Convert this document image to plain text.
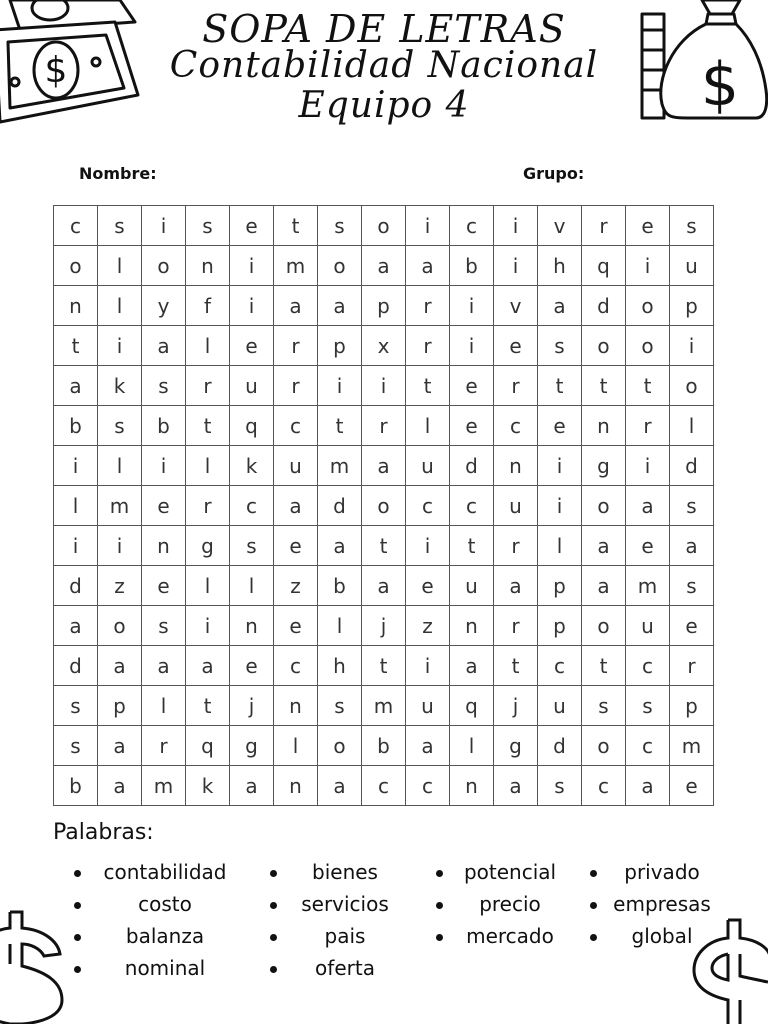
$	$
SOPA DE LETRAS
Contabilidad Nacional
Equipo 4
Nombre:	Grupo:
c	s	i	s	e	t	s	o	i	c	i	v	r	e	s
o	l	o	n	i	m	o	a	a	b	i	h	q	i	u
n	l	y	f	i	a	a	p	r	i	v	a	d	o	p
t	i	a	l	e	r	p	x	r	i	e	s	o	o	i
a	k	s	r	u	r	i	i	t	e	r	t	t	t	o
b	s	b	t	q	c	t	r	l	e	c	e	n	r	l
i	l	i	l	k	u	m	a	u	d	n	i	g	i	d
l	m	e	r	c	a	d	o	c	c	u	i	o	a	s
i	i	n	g	s	e	a	t	i	t	r	l	a	e	a
d	z	e	l	l	z	b	a	e	u	a	p	a	m	s
a	o	s	i	n	e	l	j	z	n	r	p	o	u	e
d	a	a	a	e	c	h	t	i	a	t	c	t	c	r
s	p	l	t	j	n	s	m	u	q	j	u	s	s	p
s	a	r	q	g	l	o	b	a	l	g	d	o	c	m
b	a	m	k	a	n	a	c	c	n	a	s	c	a	e
Palabras:
contabilidad
costo
balanza
nominal
bienes
servicios
pais
oferta
potencial
precio
mercado
privado
empresas
global
